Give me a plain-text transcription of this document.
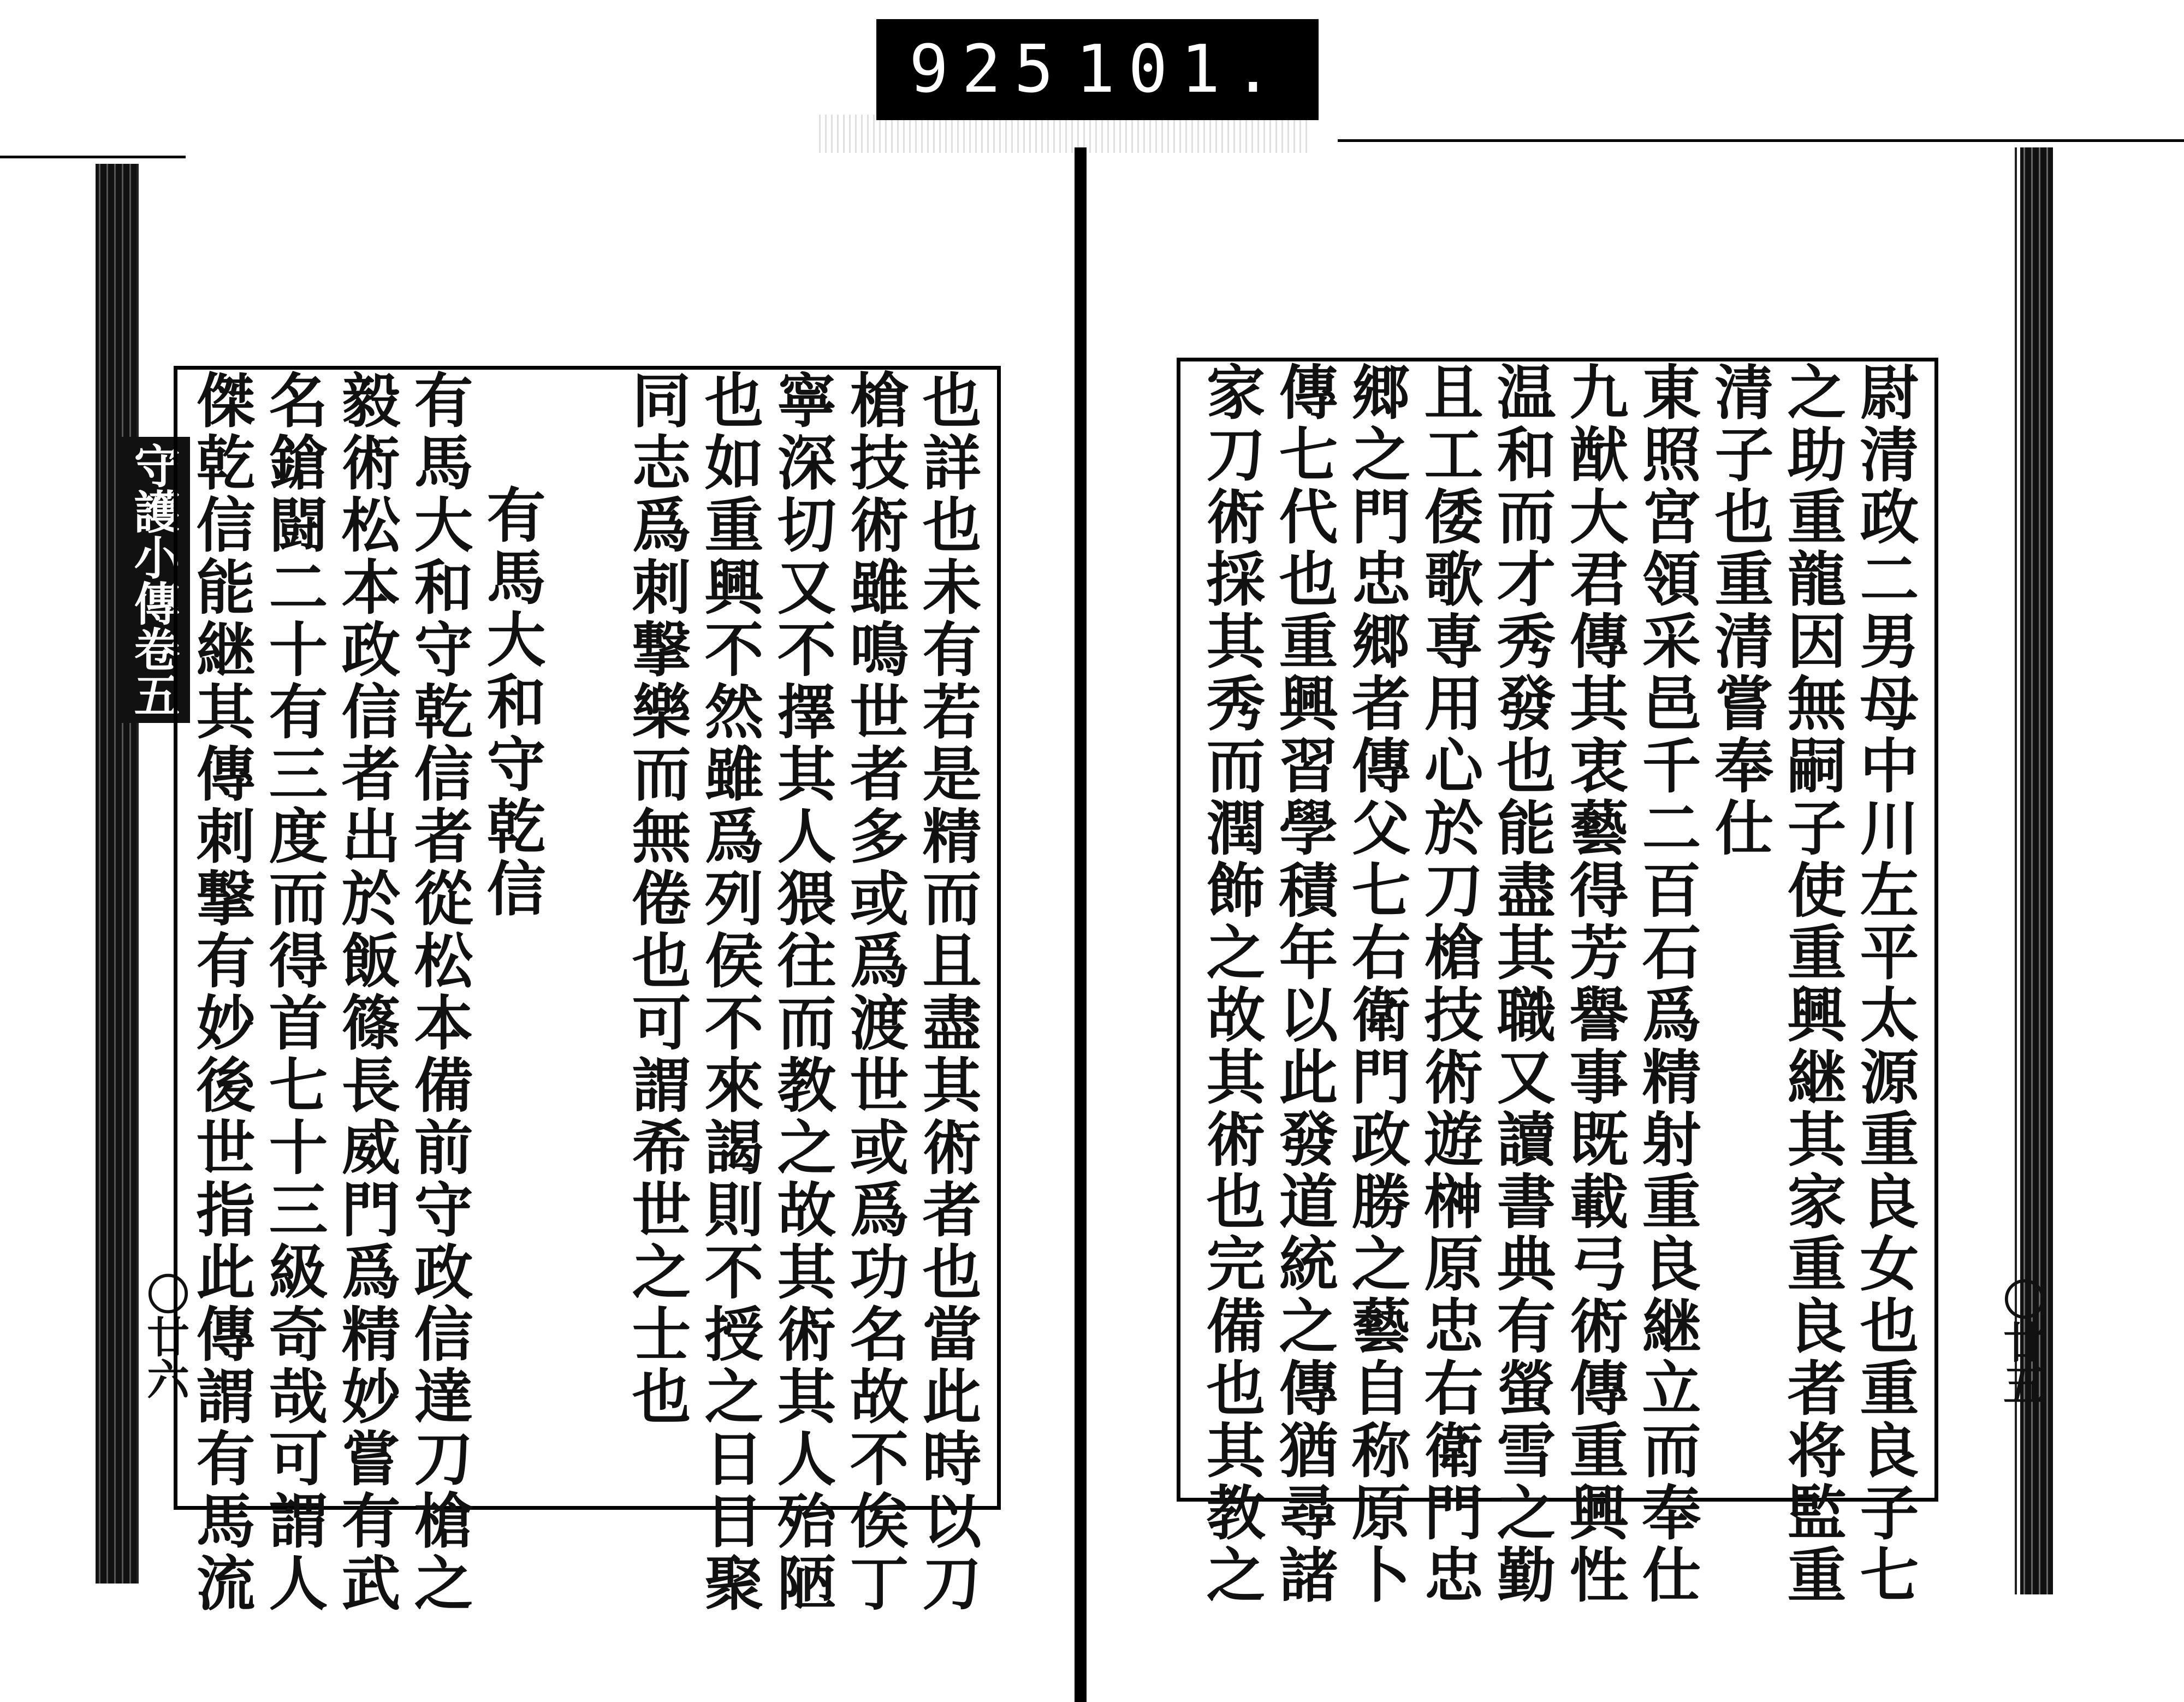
925 101.
守護小傳卷五
〇廿六	〇廿五
也詳也未有若是精而且盡其術者也當此時以刀
槍技術雖鳴世者多或爲渡世或爲功名故不俟丁
寧深切又不擇其人猥往而教之故其術其人殆陋
也如重興不然雖爲列侯不來謁則不授之日日聚
同志爲刺撃樂而無倦也可謂希世之士也
有馬大和守乾信
有馬大和守乾信者從松本備前守政信達刀槍之
毅術松本政信者出於飯篠長威門爲精妙嘗有武
名鎗闘二十有三度而得首七十三級奇哉可謂人
傑乾信能継其傳刺撃有妙後世指此傳謂有馬流	尉清政二男母中川左平太源重良女也重良子七
之助重龍因無嗣子使重興継其家重良者将監重
清子也重清嘗奉仕
東照宮領采邑千二百石爲精射重良継立而奉仕
九猷大君傳其衷藝得芳譽事既載弓術傳重興性
温和而才秀發也能盡其職又讀書典有螢雪之勤
且工倭歌専用心於刀槍技術遊榊原忠右衛門忠
郷之門忠郷者傳父七右衛門政勝之藝自称原卜
傳七代也重興習學積年以此發道統之傳猶尋諸
家刀術採其秀而潤飾之故其術也完備也其教之
